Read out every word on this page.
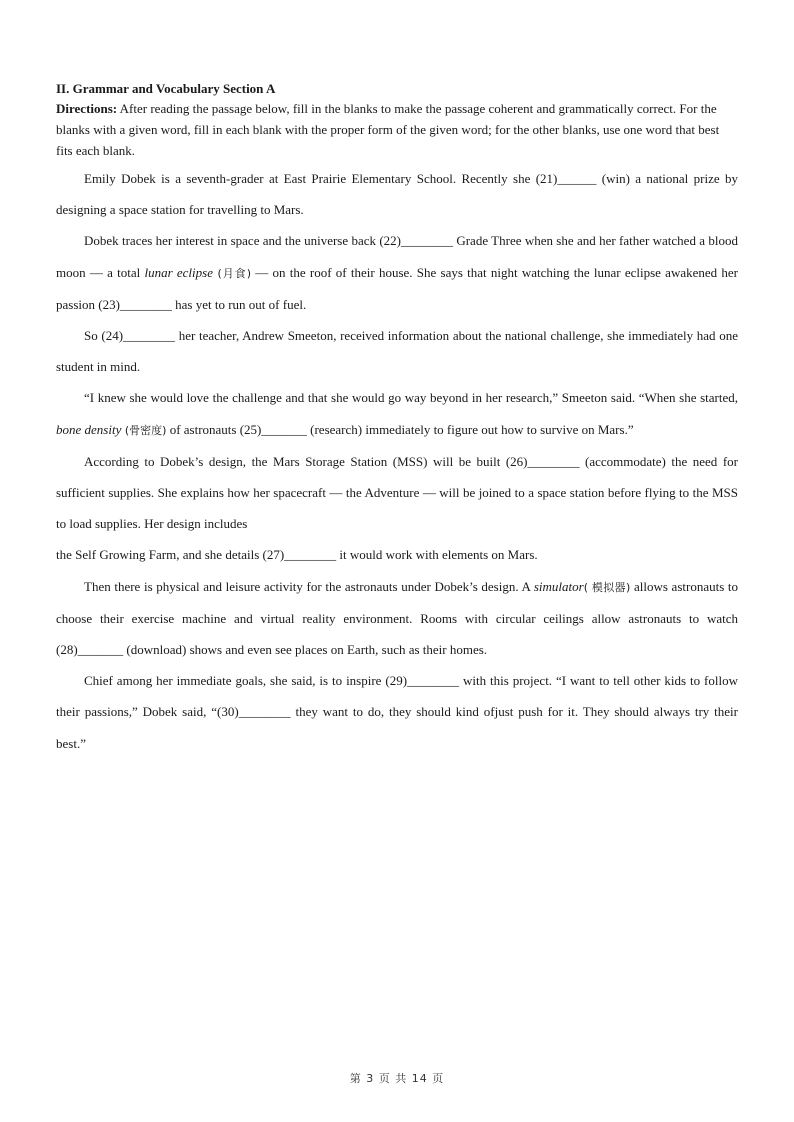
II. Grammar and Vocabulary Section A

Directions: After reading the passage below, fill in the blanks to make the passage coherent and grammatically correct. For the blanks with a given word, fill in each blank with the proper form of the given word; for the other blanks, use one word that best fits each blank.

Emily Dobek is a seventh-grader at East Prairie Elementary School. Recently she (21)______ (win) a national prize by designing a space station for travelling to Mars.

Dobek traces her interest in space and the universe back (22)________ Grade Three when she and her father watched a blood moon — a total lunar eclipse (月食) — on the roof of their house. She says that night watching the lunar eclipse awakened her passion (23)________ has yet to run out of fuel.

So (24)________ her teacher, Andrew Smeeton, received information about the national challenge, she immediately had one student in mind.

“I knew she would love the challenge and that she would go way beyond in her research,” Smeeton said. “When she started, bone density (骨密度) of astronauts (25)_______ (research) immediately to figure out how to survive on Mars.”

According to Dobek’s design, the Mars Storage Station (MSS) will be built (26)________ (accommodate) the need for sufficient supplies. She explains how her spacecraft — the Adventure — will be joined to a space station before flying to the MSS to load supplies. Her design includes

the Self Growing Farm, and she details (27)________ it would work with elements on Mars.

Then there is physical and leisure activity for the astronauts under Dobek’s design. A simulator( 模拟器) allows astronauts to choose their exercise machine and virtual reality environment. Rooms with circular ceilings allow astronauts to watch (28)_______ (download) shows and even see places on Earth, such as their homes.

Chief among her immediate goals, she said, is to inspire (29)________ with this project. “I want to tell other kids to follow their passions,” Dobek said, “(30)________ they want to do, they should kind ofjust push for it. They should always try their best.”

第 3 页 共 14 页
